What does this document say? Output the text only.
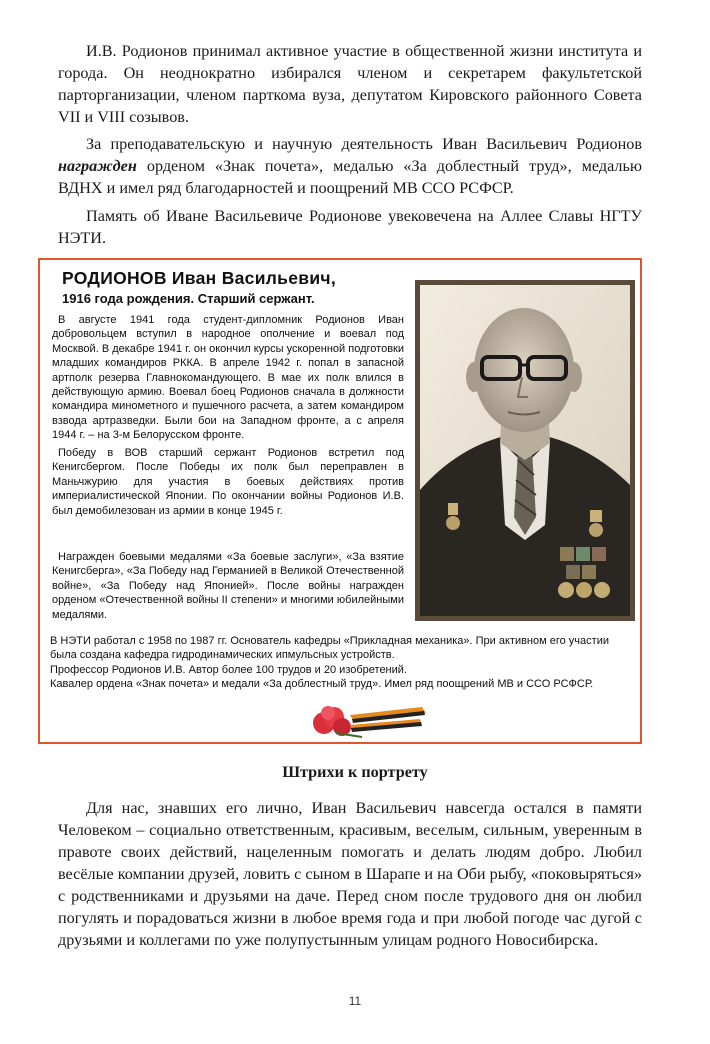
И.В. Родионов принимал активное участие в общественной жизни института и города. Он неоднократно избирался членом и секретарем факультетской парторганизации, членом парткома вуза, депутатом Кировского районного Совета VII и VIII созывов.

За преподавательскую и научную деятельность Иван Васильевич Родионов награжден орденом «Знак почета», медалью «За доблестный труд», медалью ВДНХ и имел ряд благодарностей и поощрений МВ ССО РСФСР.

Память об Иване Васильевиче Родионове увековечена на Аллее Славы НГТУ НЭТИ.

РОДИОНОВ Иван Васильевич,
1916 года рождения. Старший сержант.

В августе 1941 года студент-дипломник Родионов Иван добровольцем вступил в народное ополчение и воевал под Москвой. В декабре 1941 г. он окончил курсы ускоренной подготовки младших командиров РККА. В апреле 1942 г. попал в запасной артполк резерва Главнокомандующего. В мае их полк влился в действующую армию. Воевал боец Родионов сначала в должности командира минометного и пушечного расчета, а затем командиром взвода артразведки. Были бои на Западном фронте, а с апреля 1944 г. – на 3-м Белорусском фронте.

Победу в ВОВ старший сержант Родионов встретил под Кенигсбергом. После Победы их полк был переправлен в Маньчжурию для участия в боевых действиях против империалистической Японии. По окончании войны Родионов И.В. был демобилезован из армии в конце 1945 г.

Награжден боевыми медалями «За боевые заслуги», «За взятие Кенигсберга», «За Победу над Германией в Великой Отечественной войне», «За Победу над Японией». После войны награжден орденом «Отечественной войны II степени» и многими юбилейными медалями.

В НЭТИ работал с 1958 по 1987 гг. Основатель кафедры «Прикладная механика». При активном его участии была создана кафедра гидродинамических ипмульсных устройств.
Профессор Родионов И.В. Автор более 100 трудов и 20 изобретений.
Кавалер ордена «Знак почета» и медали «За доблестный труд». Имел ряд поощрений МВ и ССО РСФСР.
Штрихи к портрету

Для нас, знавших его лично, Иван Васильевич навсегда остался в памяти Человеком – социально ответственным, красивым, веселым, сильным, уверенным в правоте своих действий, нацеленным помогать и делать людям добро. Любил весёлые компании друзей, ловить с сыном в Шарапе и на Оби рыбу, «поковыряться» с родственниками и друзьями на даче. Перед сном после трудового дня он любил погулять и порадоваться жизни в любое время года и при любой погоде час дугой с друзьями и коллегами по уже полупустынным улицам родного Новосибирска.

11
